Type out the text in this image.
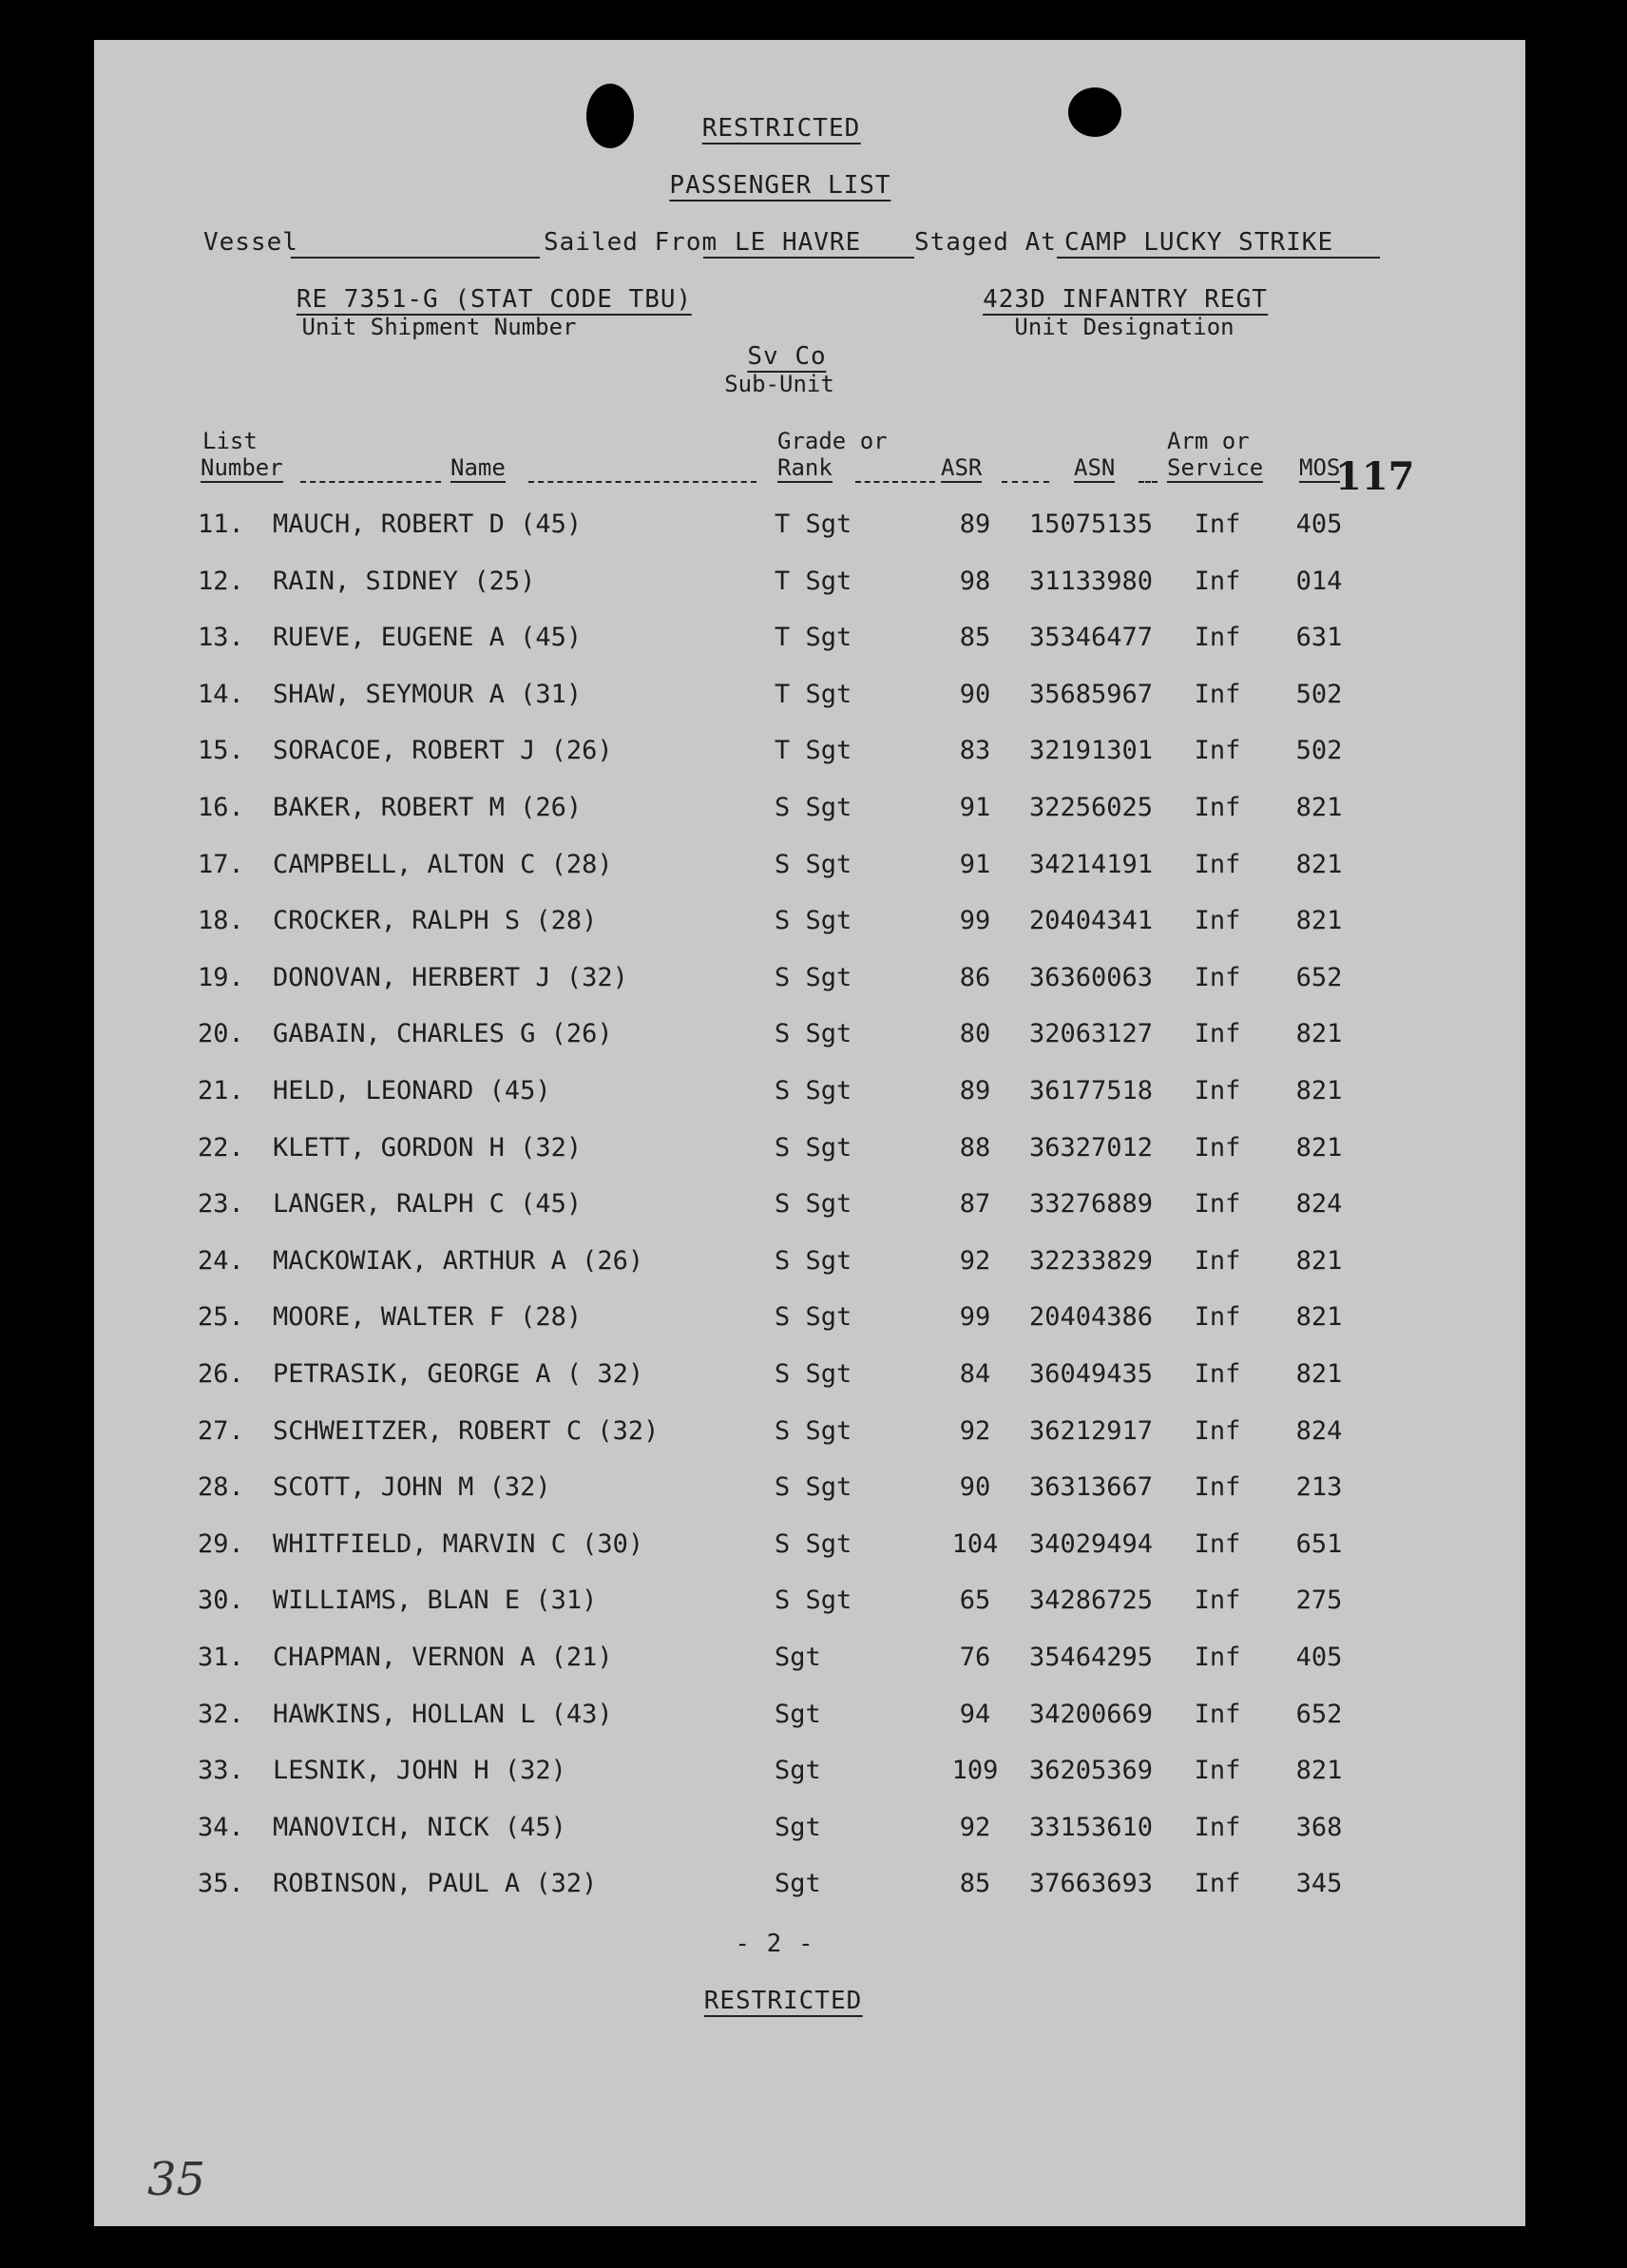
RESTRICTED
PASSENGER LIST
Vessel	Sailed From LE HAVRE Staged At CAMP LUCKY STRIKE
RE 7351-G (STAT CODE TBU)
Unit Shipment Number
423D INFANTRY REGT
Unit Designation
Sv Co
Sub-Unit
List
Number	Name
Grade or
Rank	ASR	ASN
Arm or
Service MOS
117
11. MAUCH, ROBERT D (45)	T Sgt	89 15075135 Inf 405
12. RAIN, SIDNEY (25)	T Sgt	98 31133980 Inf 014
13. RUEVE, EUGENE A (45)	T Sgt	85 35346477 Inf 631
14. SHAW, SEYMOUR A (31)	T Sgt	90 35685967 Inf 502
15. SORACOE, ROBERT J (26)	T Sgt	83 32191301 Inf 502
16. BAKER, ROBERT M (26)	S Sgt	91 32256025 Inf 821
17. CAMPBELL, ALTON C (28)	S Sgt	91 34214191 Inf 821
18. CROCKER, RALPH S (28)	S Sgt	99 20404341 Inf 821
19. DONOVAN, HERBERT J (32)	S Sgt	86 36360063 Inf 652
20. GABAIN, CHARLES G (26)	S Sgt	80 32063127 Inf 821
21. HELD, LEONARD (45)	S Sgt	89 36177518 Inf 821
22. KLETT, GORDON H (32)	S Sgt	88 36327012 Inf 821
23. LANGER, RALPH C (45)	S Sgt	87 33276889 Inf 824
24. MACKOWIAK, ARTHUR A (26)	S Sgt	92 32233829 Inf 821
25. MOORE, WALTER F (28)	S Sgt	99 20404386 Inf 821
26. PETRASIK, GEORGE A ( 32)	S Sgt	84 36049435 Inf 821
27. SCHWEITZER, ROBERT C (32)	S Sgt	92 36212917 Inf 824
28. SCOTT, JOHN M (32)	S Sgt	90 36313667 Inf 213
29. WHITFIELD, MARVIN C (30)	S Sgt	104 34029494 Inf 651
30. WILLIAMS, BLAN E (31)	S Sgt	65 34286725 Inf 275
31. CHAPMAN, VERNON A (21)	Sgt	76 35464295 Inf 405
32. HAWKINS, HOLLAN L (43)	Sgt	94 34200669 Inf 652
33. LESNIK, JOHN H (32)	Sgt	109 36205369 Inf 821
34. MANOVICH, NICK (45)	Sgt	92 33153610 Inf 368
35. ROBINSON, PAUL A (32)	Sgt	85 37663693 Inf 345
- 2 -
RESTRICTED
35
